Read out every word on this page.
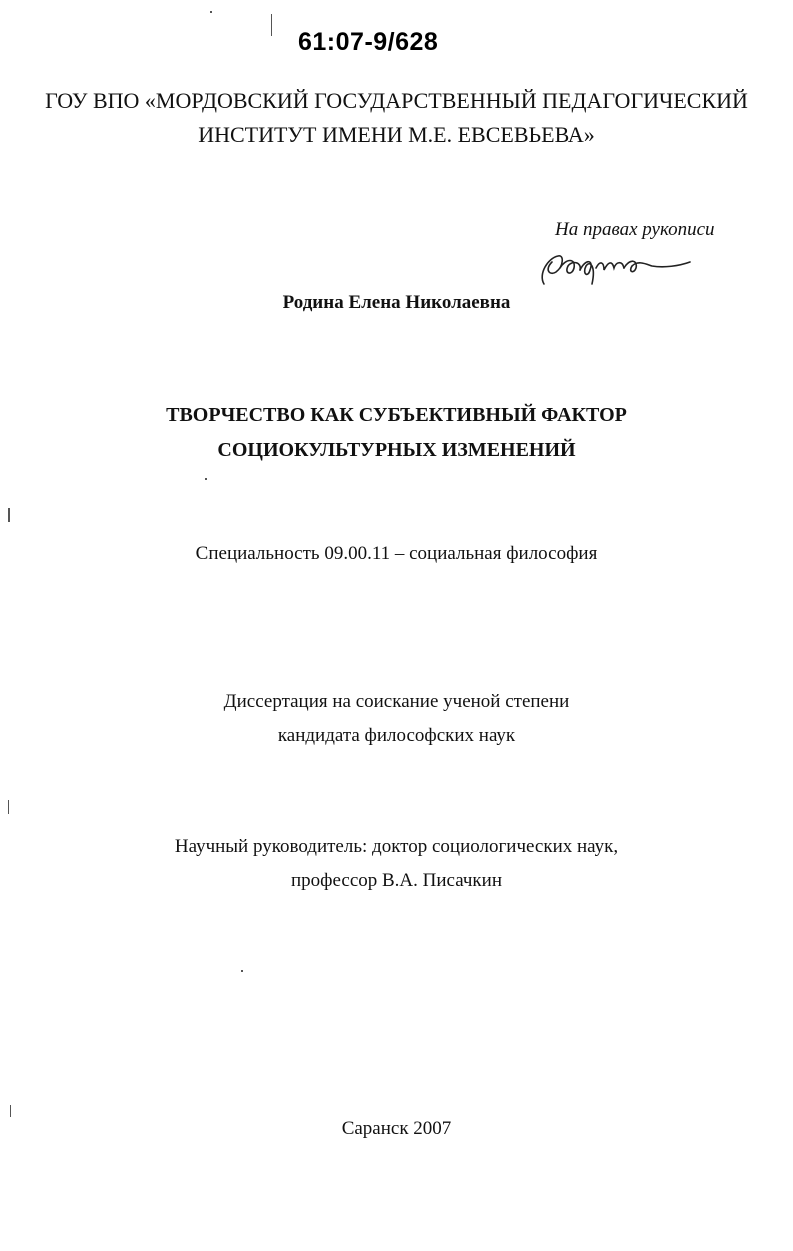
61:07-9/628
ГОУ ВПО «МОРДОВСКИЙ ГОСУДАРСТВЕННЫЙ ПЕДАГОГИЧЕСКИЙ
ИНСТИТУТ ИМЕНИ М.Е. ЕВСЕВЬЕВА»
На правах рукописи
Родина Елена Николаевна
ТВОРЧЕСТВО КАК СУБЪЕКТИВНЫЙ ФАКТОР
СОЦИОКУЛЬТУРНЫХ ИЗМЕНЕНИЙ
Специальность 09.00.11 – социальная философия
Диссертация на соискание ученой степени
кандидата философских наук
Научный руководитель: доктор социологических наук,
профессор В.А. Писачкин
Саранск 2007
